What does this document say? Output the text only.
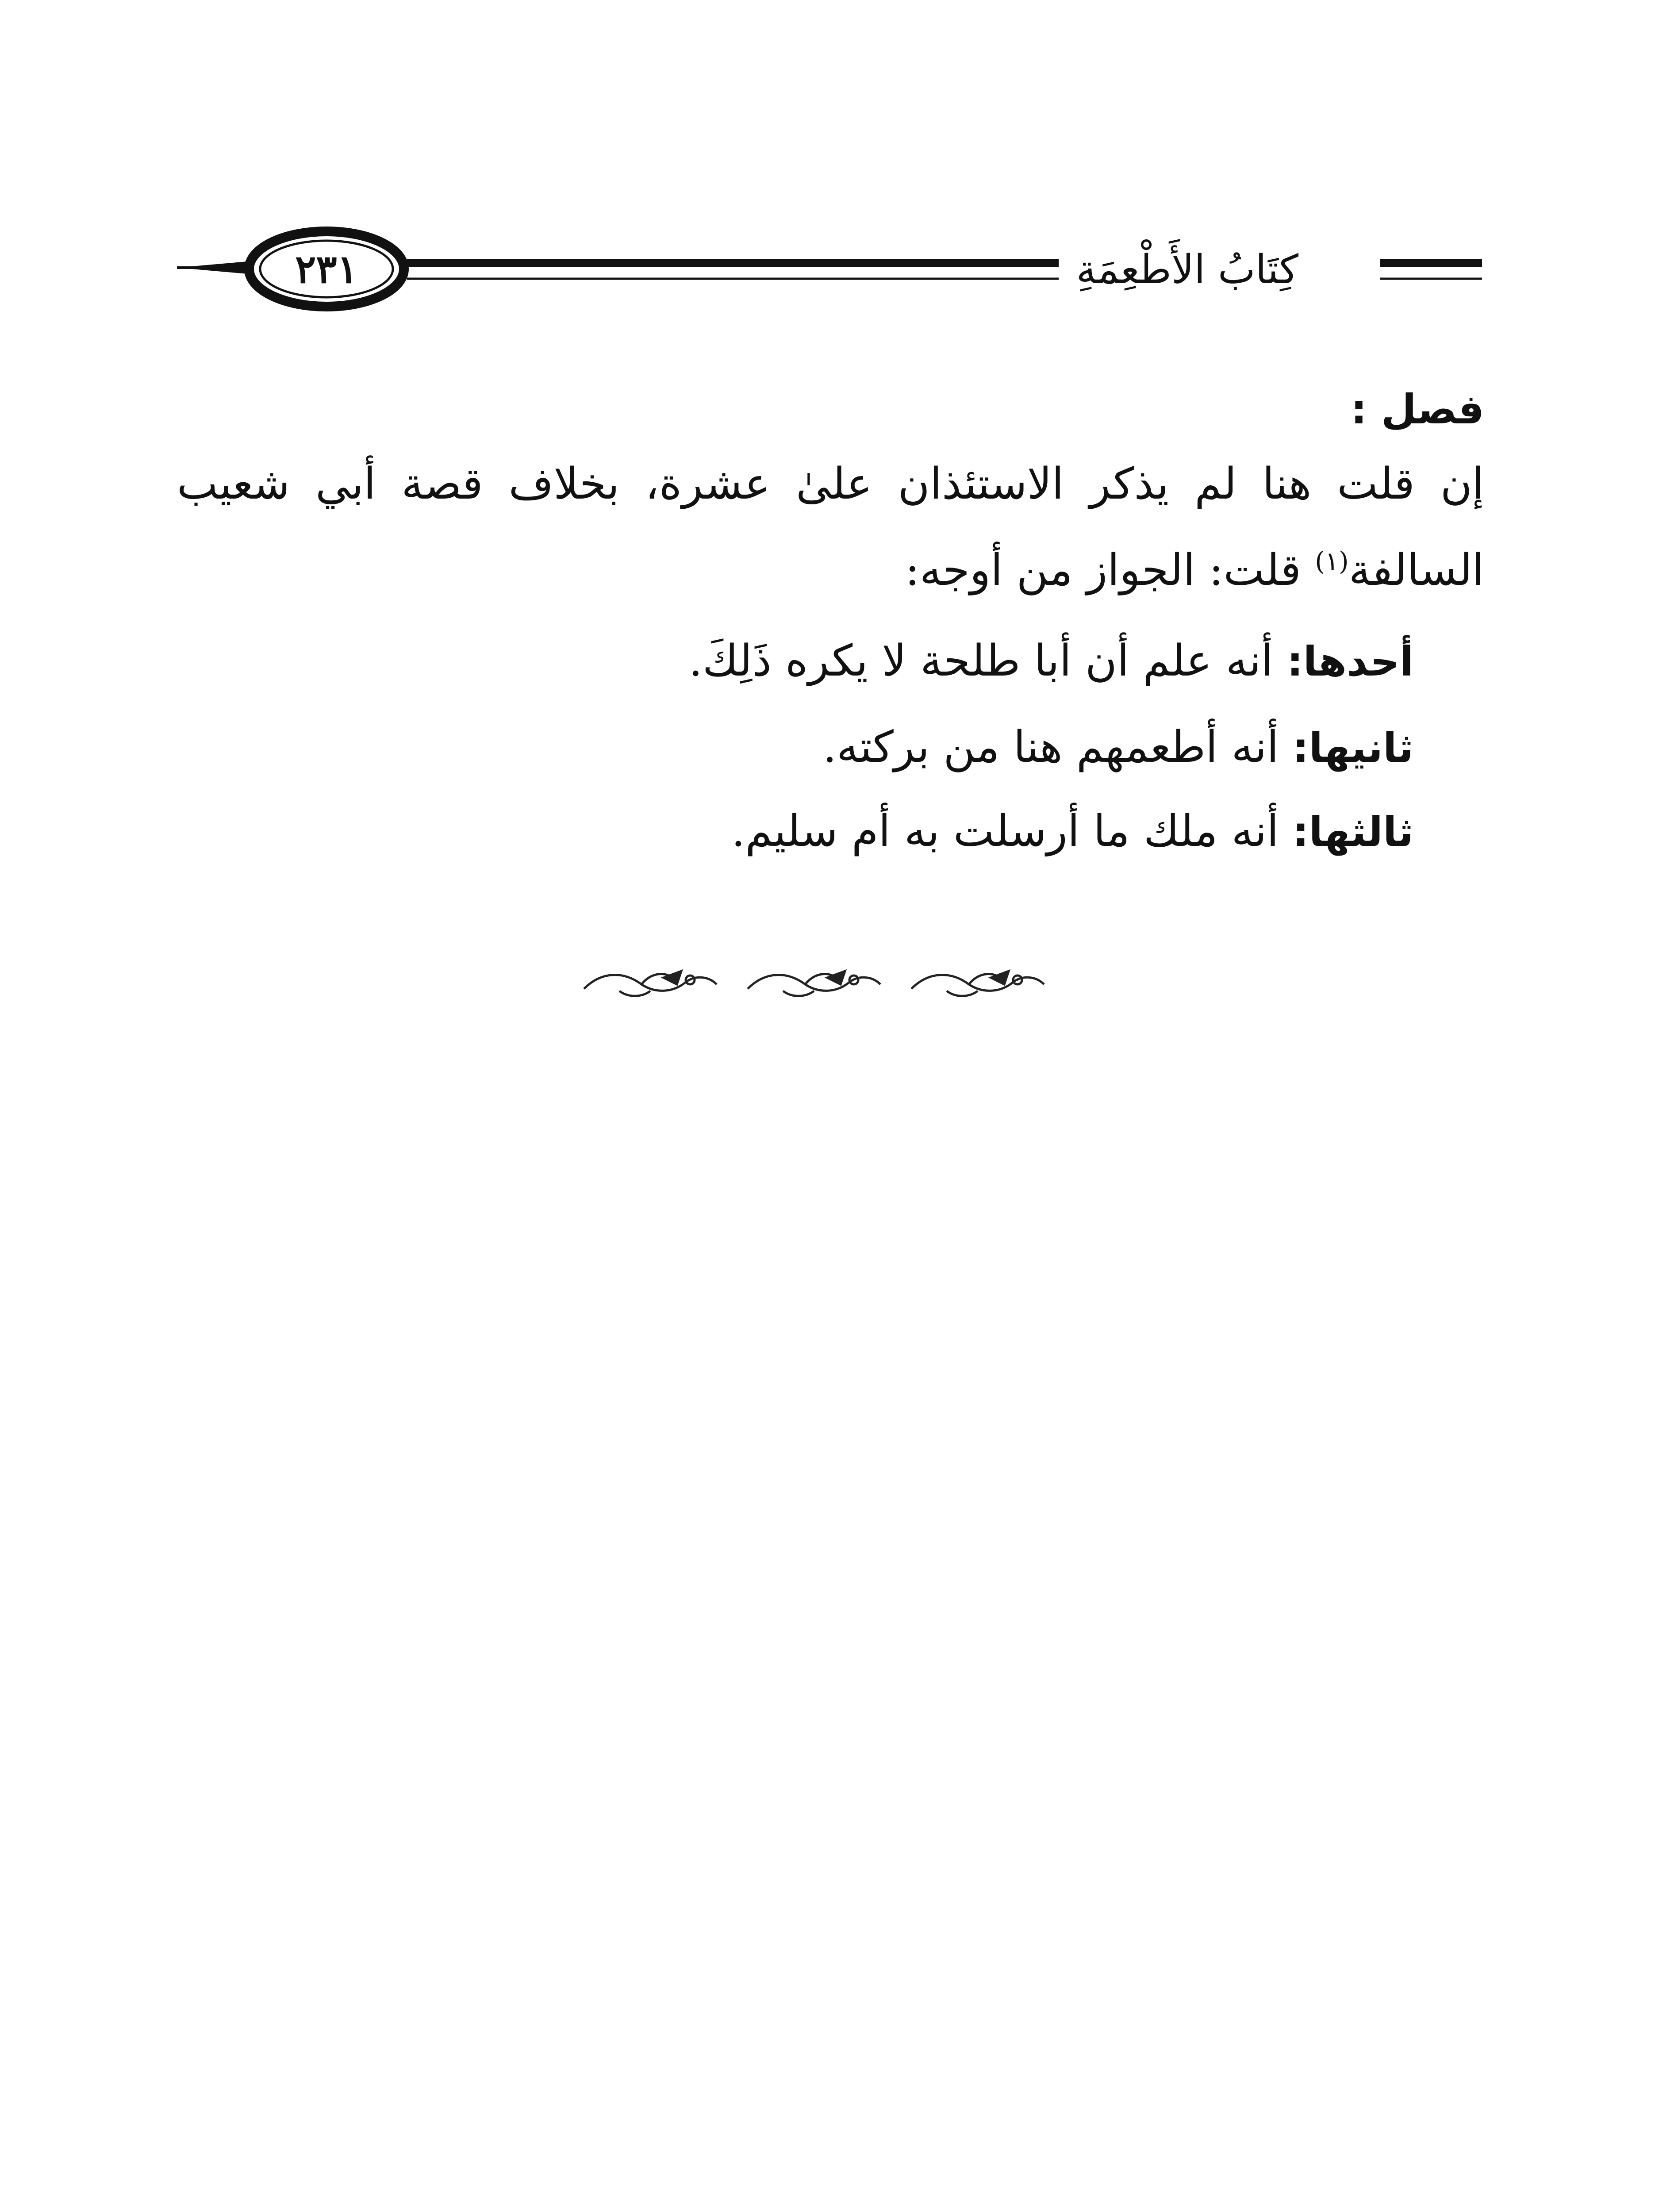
٢٣١	كِتَابُ الأَطْعِمَةِ
فصل :
إن قلت هنا لم يذكر الاستئذان علىٰ عشرة، بخلاف قصة أبي شعيب
السالفة$^{(١)}$ قلت: الجواز من أوجه:
أحدها: أنه علم أن أبا طلحة لا يكره ذَلِكَ.
ثانيها: أنه أطعمهم هنا من بركته.
ثالثها: أنه ملك ما أرسلت به أم سليم.
